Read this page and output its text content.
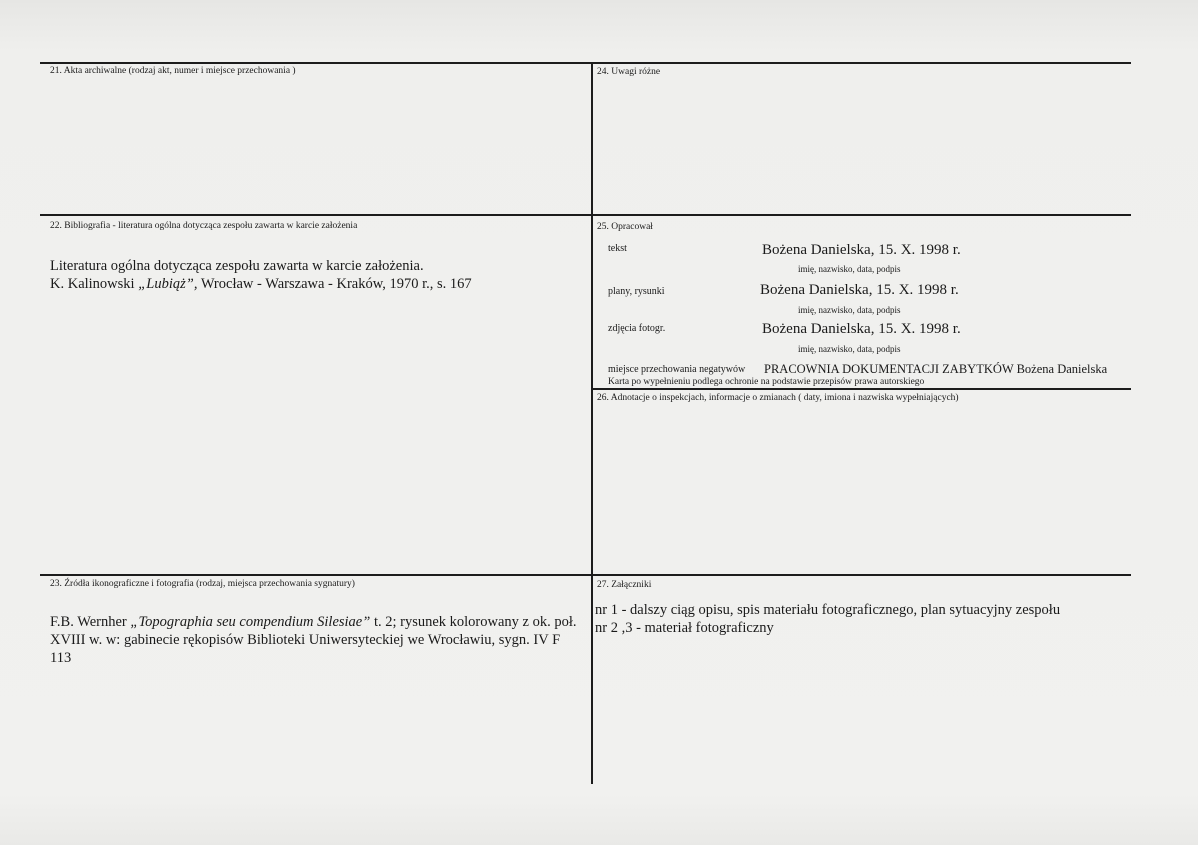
21. Akta archiwalne (rodzaj akt, numer i miejsce przechowania )	24. Uwagi różne
22. Bibliografia - literatura ogólna dotycząca zespołu zawarta w karcie założenia
Literatura ogólna dotycząca zespołu zawarta w karcie założenia.
K. Kalinowski „Lubiąż”, Wrocław - Warszawa - Kraków, 1970 r., s. 167
25. Opracował
tekst	Bożena Danielska, 15. X. 1998 r.
imię, nazwisko, data, podpis
plany, rysunki	Bożena Danielska, 15. X. 1998 r.
imię, nazwisko, data, podpis
zdjęcia fotogr.	Bożena Danielska, 15. X. 1998 r.
imię, nazwisko, data, podpis
miejsce przechowania negatywów PRACOWNIA DOKUMENTACJI ZABYTKÓW Bożena Danielska
Karta po wypełnieniu podlega ochronie na podstawie przepisów prawa autorskiego
26. Adnotacje o inspekcjach, informacje o zmianach ( daty, imiona i nazwiska wypełniających)
23. Źródła ikonograficzne i fotografia (rodzaj, miejsca przechowania sygnatury)
F.B. Wernher „Topographia seu compendium Silesiae” t. 2; rysunek kolorowany z ok. poł. XVIII w. w: gabinecie rękopisów Biblioteki Uniwersyteckiej we Wrocławiu, sygn. IV F 113
27. Załączniki
nr 1 - dalszy ciąg opisu, spis materiału fotograficznego, plan sytuacyjny zespołu
nr 2 ,3 - materiał fotograficzny
